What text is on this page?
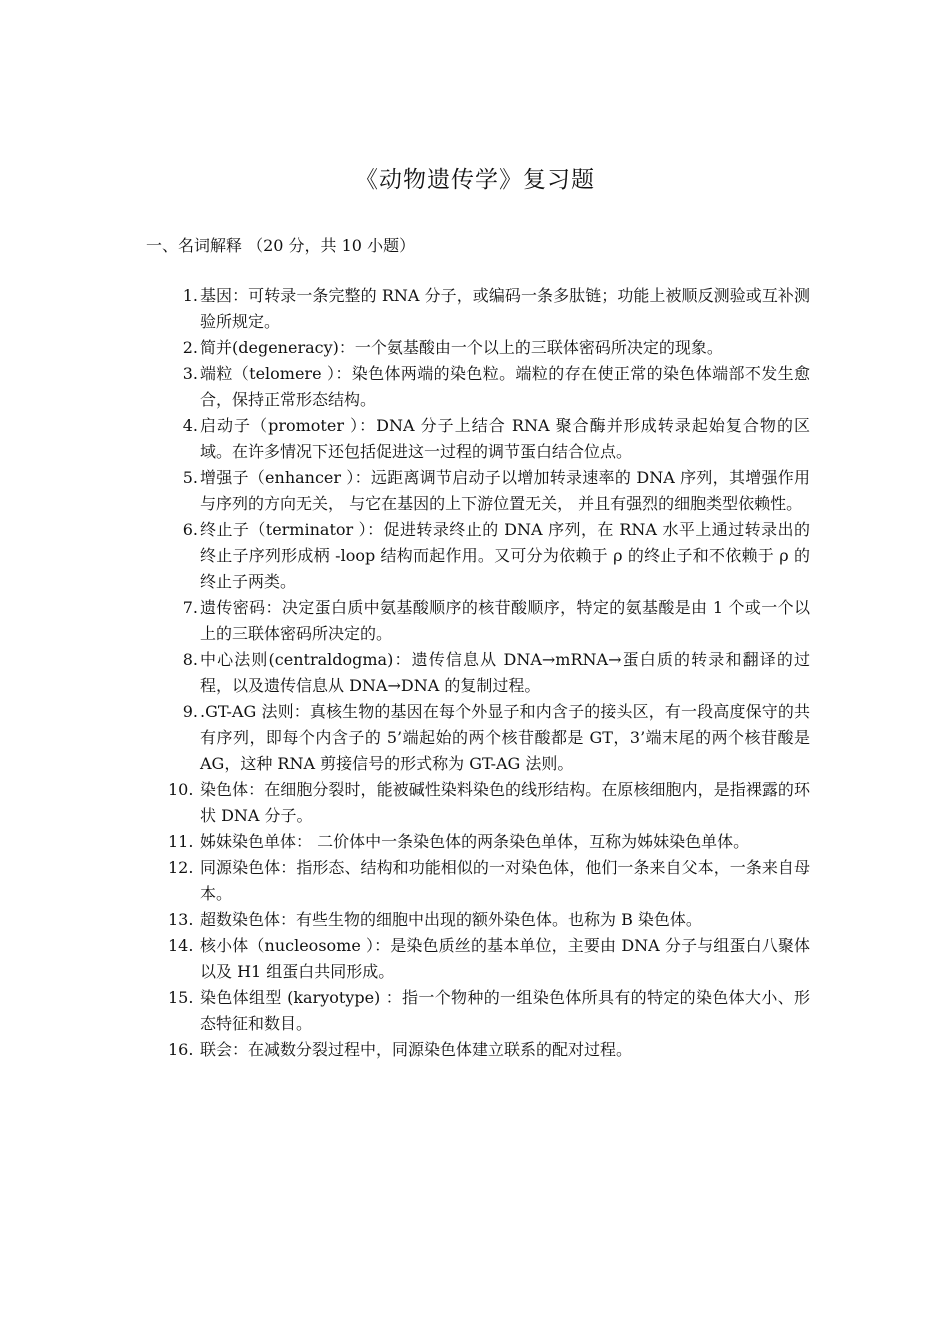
《动物遗传学》复习题
一、名词解释 （20 分，共 10 小题）
1. 基因：可转录一条完整的 RNA 分子，或编码一条多肽链；功能上被顺反测验或互补测验所规定。
2. 简并(degeneracy)：一个氨基酸由一个以上的三联体密码所决定的现象。
3. 端粒（telomere ）：染色体两端的染色粒。端粒的存在使正常的染色体端部不发生愈合，保持正常形态结构。
4. 启动子（promoter ）：DNA 分子上结合 RNA 聚合酶并形成转录起始复合物的区域。在许多情况下还包括促进这一过程的调节蛋白结合位点。
5. 增强子（enhancer ）：远距离调节启动子以增加转录速率的 DNA 序列，其增强作用与序列的方向无关， 与它在基因的上下游位置无关， 并且有强烈的细胞类型依赖性。
6. 终止子（terminator ）：促进转录终止的 DNA 序列，在 RNA 水平上通过转录出的终止子序列形成柄 -loop 结构而起作用。又可分为依赖于 ρ 的终止子和不依赖于 ρ 的终止子两类。
7. 遗传密码：决定蛋白质中氨基酸顺序的核苷酸顺序，特定的氨基酸是由 1 个或一个以上的三联体密码所决定的。
8. 中心法则(centraldogma)：遗传信息从 DNA→mRNA→蛋白质的转录和翻译的过程，以及遗传信息从 DNA→DNA 的复制过程。
9. .GT-AG 法则：真核生物的基因在每个外显子和内含子的接头区，有一段高度保守的共有序列，即每个内含子的 5’端起始的两个核苷酸都是 GT，3’端末尾的两个核苷酸是 AG，这种 RNA 剪接信号的形式称为 GT-AG 法则。
10. 染色体：在细胞分裂时，能被碱性染料染色的线形结构。在原核细胞内，是指裸露的环状 DNA 分子。
11. 姊妹染色单体： 二价体中一条染色体的两条染色单体，互称为姊妹染色单体。
12. 同源染色体：指形态、结构和功能相似的一对染色体，他们一条来自父本，一条来自母本。
13. 超数染色体：有些生物的细胞中出现的额外染色体。也称为 B 染色体。
14. 核小体（nucleosome ）：是染色质丝的基本单位，主要由 DNA 分子与组蛋白八聚体以及 H1 组蛋白共同形成。
15. 染色体组型 (karyotype) ：指一个物种的一组染色体所具有的特定的染色体大小、形态特征和数目。
16. 联会：在减数分裂过程中，同源染色体建立联系的配对过程。
